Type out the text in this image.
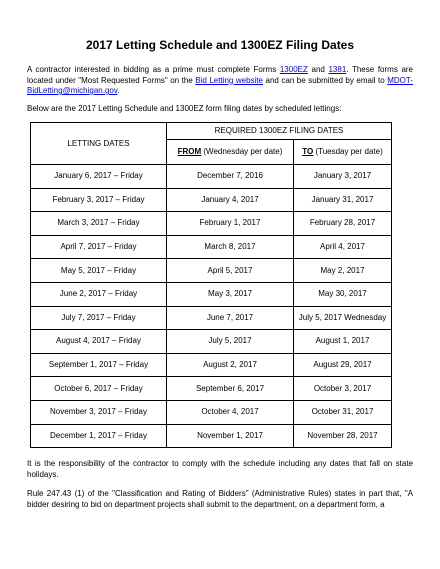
2017 Letting Schedule and 1300EZ Filing Dates

A contractor interested in bidding as a prime must complete Forms 1300EZ and 1381. These forms are located under "Most Requested Forms" on the Bid Letting website and can be submitted by email to MDOT-BidLetting@michigan.gov.

Below are the 2017 Letting Schedule and 1300EZ form filing dates by scheduled lettings:

LETTING DATES	REQUIRED 1300EZ FILING DATES	
	FROM (Wednesday per date)	TO (Tuesday per date)
January 6, 2017 – Friday	December 7, 2016	January 3, 2017
February 3, 2017 – Friday	January 4, 2017	January 31, 2017
March 3, 2017 – Friday	February 1, 2017	February 28, 2017
April 7, 2017 – Friday	March 8, 2017	April 4, 2017
May 5, 2017 – Friday	April 5, 2017	May 2, 2017
June 2, 2017 – Friday	May 3, 2017	May 30, 2017
July 7, 2017 – Friday	June 7, 2017	July 5, 2017 Wednesday
August 4, 2017 – Friday	July 5, 2017	August 1, 2017
September 1, 2017 – Friday	August 2, 2017	August 29, 2017
October 6, 2017 – Friday	September 6, 2017	October 3, 2017
November 3, 2017 – Friday	October 4, 2017	October 31, 2017
December 1, 2017 – Friday	November 1, 2017	November 28, 2017

It is the responsibility of the contractor to comply with the schedule including any dates that fall on state holidays.

Rule 247.43 (1) of the "Classification and Rating of Bidders" (Administrative Rules) states in part that, "A bidder desiring to bid on department projects shall submit to the department, on a department form, a
